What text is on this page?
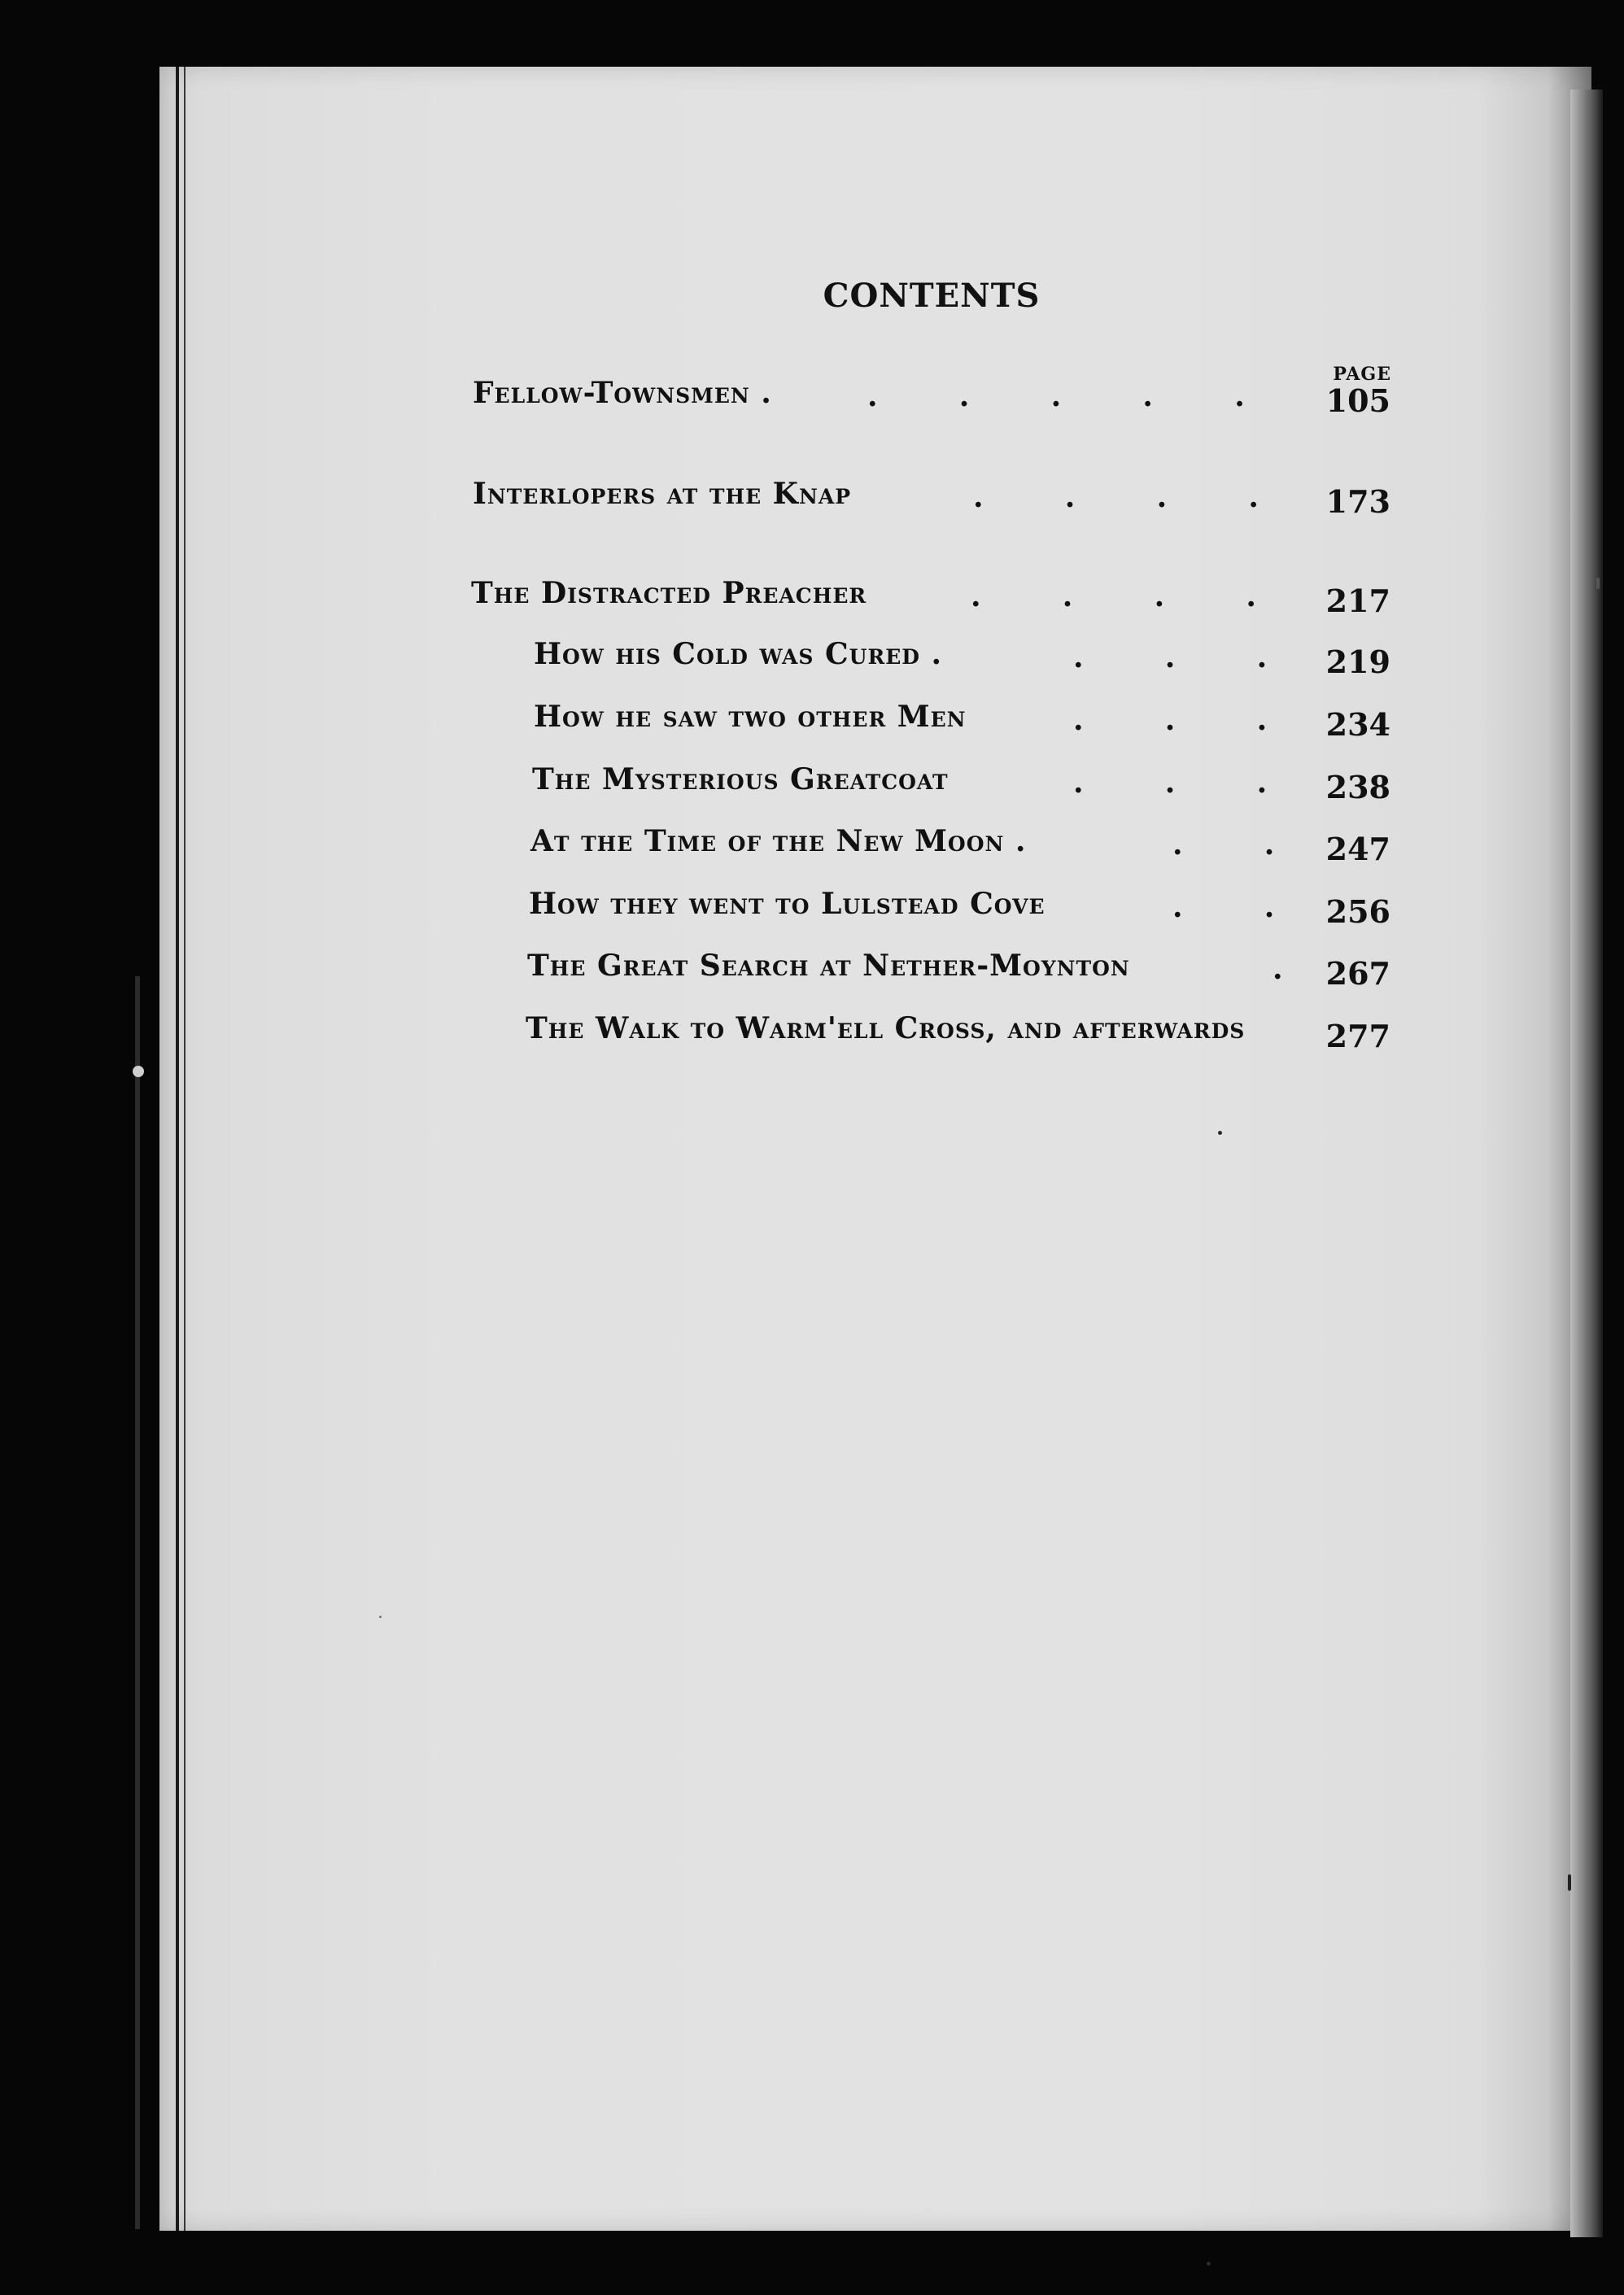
CONTENTS
PAGE
Fellow-Townsmen .	.        .        .        .        .	105
Interlopers at the Knap	.        .        .        .	173
The Distracted Preacher	.        .        .        .	217
How his Cold was Cured .	.        .        .	219
How he saw two other Men	.        .        .	234
The Mysterious Greatcoat	.        .        .	238
At the Time of the New Moon .	.        .	247
How they went to Lulstead Cove	.        .	256
The Great Search at Nether-Moynton	.	267
The Walk to Warm'ell Cross, and afterwards	277
